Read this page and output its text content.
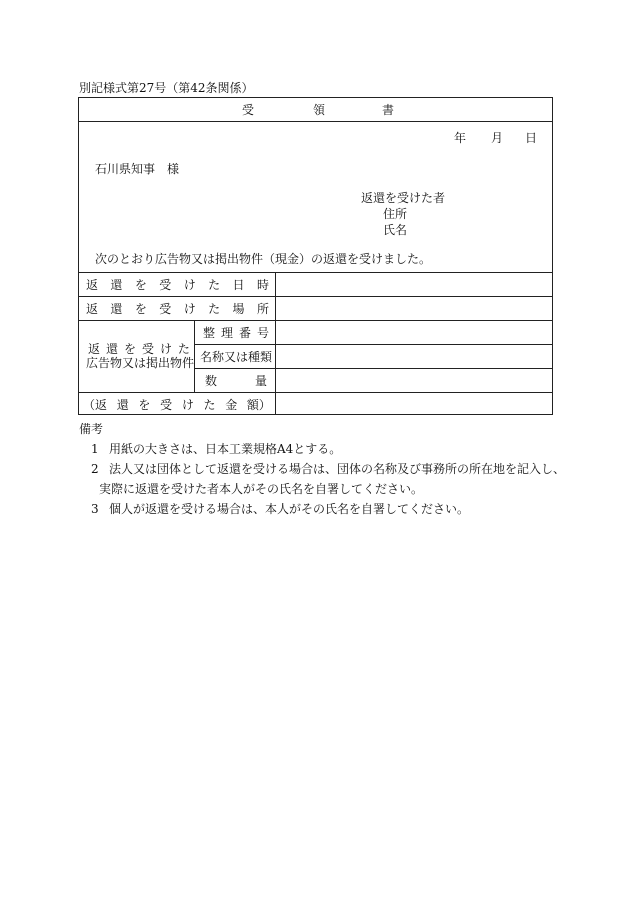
別記様式第27号（第42条関係）
受	領	書
年 月 日
石川県知事　様
返還を受けた者
住所
氏名
次のとおり広告物又は掲出物件（現金）の返還を受けました。
返 還 を 受 け た 日 時
返 還 を 受 け た 場 所
返 還 を 受 け た
広告物又は掲出物件
整 理 番 号
名称又は種類
数	量
（返 還 を 受 け た 金 額）
備考
1 用紙の大きさは、日本工業規格A4とする。
2 法人又は団体として返還を受ける場合は、団体の名称及び事務所の所在地を記入し、
実際に返還を受けた者本人がその氏名を自署してください。
3 個人が返還を受ける場合は、本人がその氏名を自署してください。
